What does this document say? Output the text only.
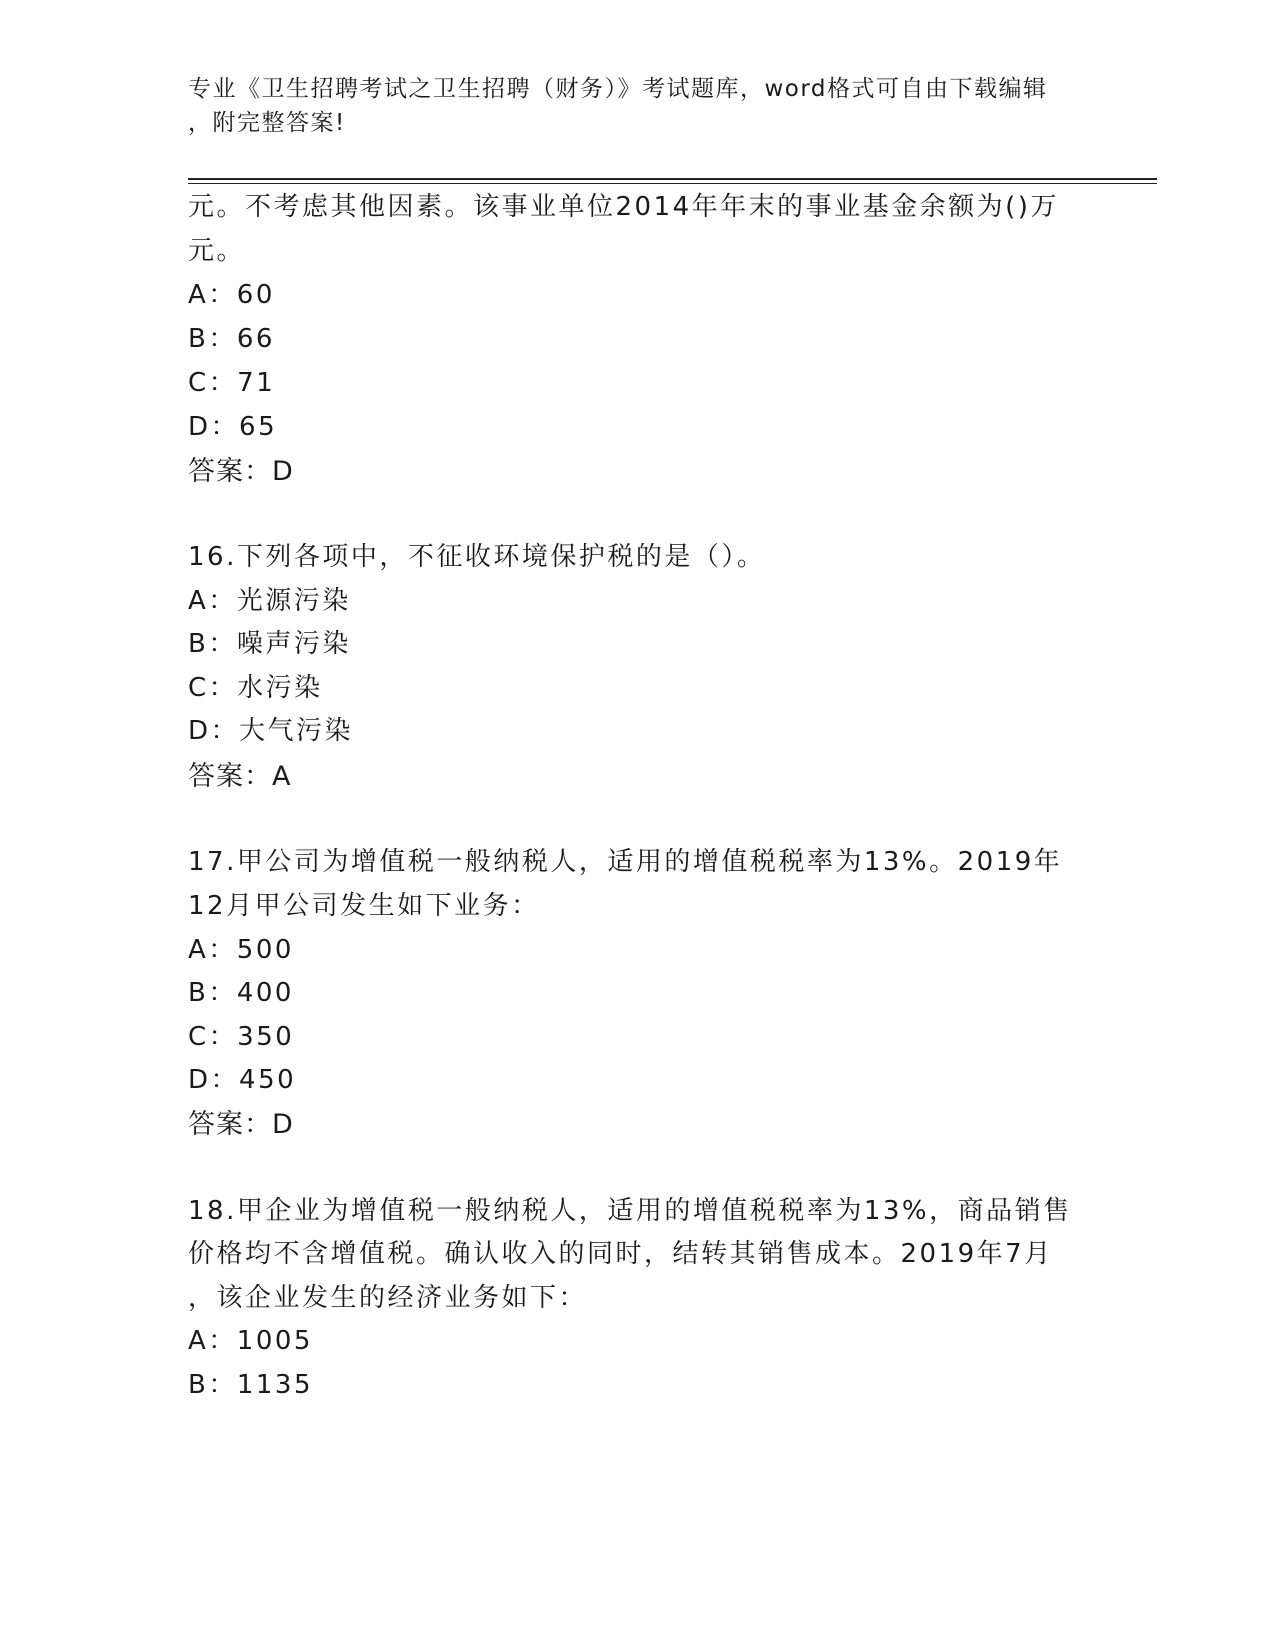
专业《卫生招聘考试之卫生招聘（财务）》考试题库，word格式可自由下载编辑
，附完整答案!
元。不考虑其他因素。该事业单位2014年年末的事业基金余额为()万
元。
A：60
B：66
C：71
D：65
答案：D
16.下列各项中，不征收环境保护税的是（）。
A：光源污染
B：噪声污染
C：水污染
D：大气污染
答案：A
17.甲公司为增值税一般纳税人，适用的增值税税率为13%。2019年
12月甲公司发生如下业务：
A：500
B：400
C：350
D：450
答案：D
18.甲企业为增值税一般纳税人，适用的增值税税率为13%，商品销售
价格均不含增值税。确认收入的同时，结转其销售成本。2019年7月
，该企业发生的经济业务如下：
A：1005
B：1135
